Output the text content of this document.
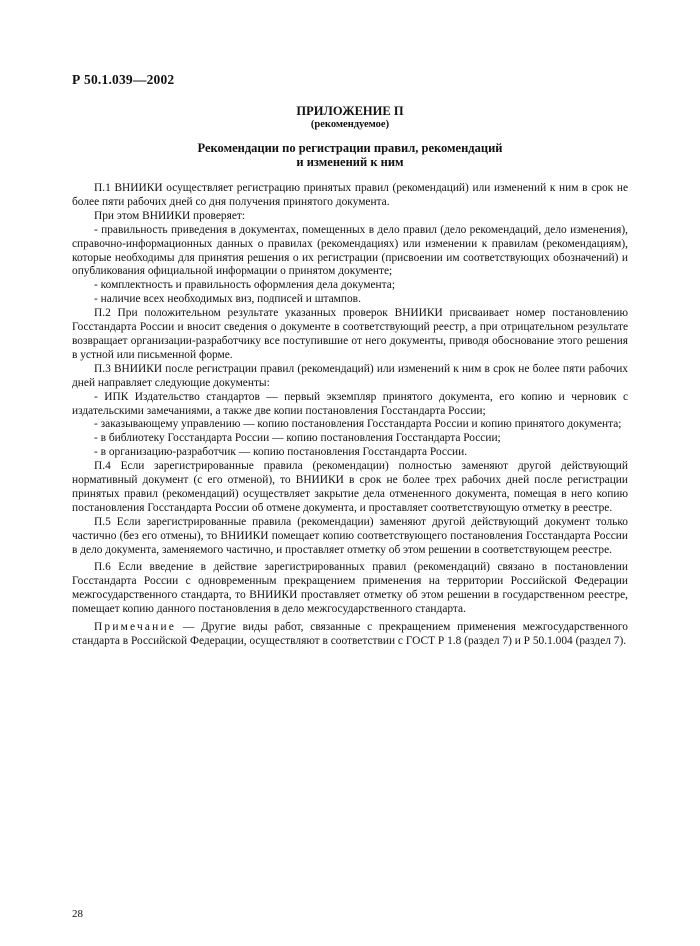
Р 50.1.039—2002
ПРИЛОЖЕНИЕ П
(рекомендуемое)
Рекомендации по регистрации правил, рекомендаций
и изменений к ним

П.1 ВНИИКИ осуществляет регистрацию принятых правил (рекомендаций) или изменений к ним в срок не более пяти рабочих дней со дня получения принятого документа.

При этом ВНИИКИ проверяет:

- правильность приведения в документах, помещенных в дело правил (дело рекомендаций, дело изменения), справочно-информационных данных о правилах (рекомендациях) или изменении к правилам (рекомендациям), которые необходимы для принятия решения о их регистрации (присвоении им соответствующих обозначений) и опубликования официальной информации о принятом документе;

- комплектность и правильность оформления дела документа;

- наличие всех необходимых виз, подписей и штампов.

П.2 При положительном результате указанных проверок ВНИИКИ присваивает номер постановлению Госстандарта России и вносит сведения о документе в соответствующий реестр, а при отрицательном результате возвращает организации-разработчику все поступившие от него документы, приводя обоснование этого решения в устной или письменной форме.

П.3 ВНИИКИ после регистрации правил (рекомендаций) или изменений к ним в срок не более пяти рабочих дней направляет следующие документы:

- ИПК Издательство стандартов — первый экземпляр принятого документа, его копию и черновик с издательскими замечаниями, а также две копии постановления Госстандарта России;

- заказывающему управлению — копию постановления Госстандарта России и копию принятого документа;

- в библиотеку Госстандарта России — копию постановления Госстандарта России;

- в организацию-разработчик — копию постановления Госстандарта России.

П.4 Если зарегистрированные правила (рекомендации) полностью заменяют другой действующий нормативный документ (с его отменой), то ВНИИКИ в срок не более трех рабочих дней после регистрации принятых правил (рекомендаций) осуществляет закрытие дела отмененного документа, помещая в него копию постановления Госстандарта России об отмене документа, и проставляет соответствующую отметку в реестре.

П.5 Если зарегистрированные правила (рекомендации) заменяют другой действующий документ только частично (без его отмены), то ВНИИКИ помещает копию соответствующего постановления Госстандарта России в дело документа, заменяемого частично, и проставляет отметку об этом решении в соответствующем реестре.

П.6 Если введение в действие зарегистрированных правил (рекомендаций) связано в постановлении Госстандарта России с одновременным прекращением применения на территории Российской Федерации межгосударственного стандарта, то ВНИИКИ проставляет отметку об этом решении в государственном реестре, помещает копию данного постановления в дело межгосударственного стандарта.

Примечание — Другие виды работ, связанные с прекращением применения межгосударственного стандарта в Российской Федерации, осуществляют в соответствии с ГОСТ Р 1.8 (раздел 7) и Р 50.1.004 (раздел 7).

28
